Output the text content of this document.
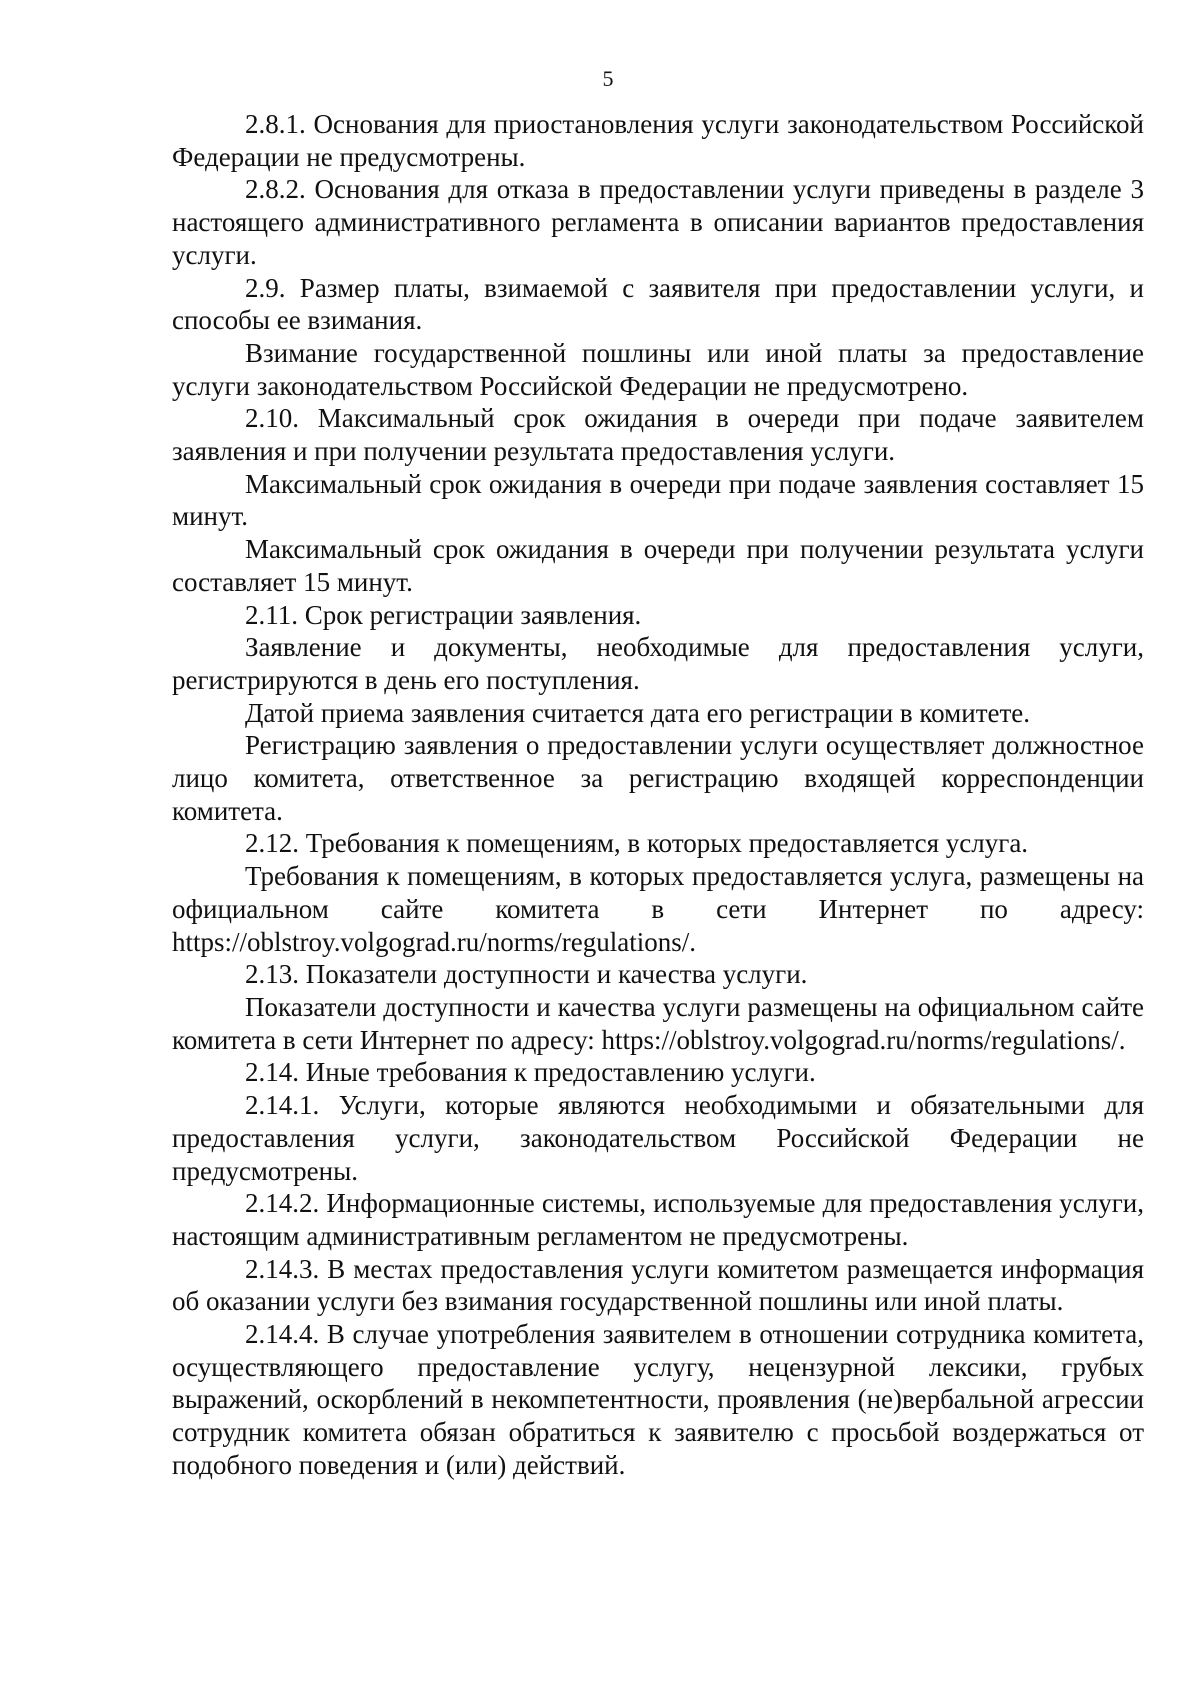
5

2.8.1. Основания для приостановления услуги законодательством Российской Федерации не предусмотрены.

2.8.2. Основания для отказа в предоставлении услуги приведены в разделе 3 настоящего административного регламента в описании вариантов предоставления услуги.

2.9. Размер платы, взимаемой с заявителя при предоставлении услуги, и способы ее взимания.

Взимание государственной пошлины или иной платы за предоставление услуги законодательством Российской Федерации не предусмотрено.

2.10. Максимальный срок ожидания в очереди при подаче заявителем заявления и при получении результата предоставления услуги.

Максимальный срок ожидания в очереди при подаче заявления составляет 15 минут.

Максимальный срок ожидания в очереди при получении результата услуги составляет 15 минут.

2.11. Срок регистрации заявления.

Заявление и документы, необходимые для предоставления услуги, регистрируются в день его поступления.

Датой приема заявления считается дата его регистрации в комитете.

Регистрацию заявления о предоставлении услуги осуществляет должностное лицо комитета, ответственное за регистрацию входящей корреспонденции комитета.

2.12. Требования к помещениям, в которых предоставляется услуга.

Требования к помещениям, в которых предоставляется услуга, размещены на официальном сайте комитета в сети Интернет по адресу: https://oblstroy.volgograd.ru/norms/regulations/.

2.13. Показатели доступности и качества услуги.

Показатели доступности и качества услуги размещены на официальном сайте комитета в сети Интернет по адресу: https://oblstroy.volgograd.ru/norms/regulations/.

2.14. Иные требования к предоставлению услуги.

2.14.1. Услуги, которые являются необходимыми и обязательными для предоставления услуги, законодательством Российской Федерации не предусмотрены.

2.14.2. Информационные системы, используемые для предоставления услуги, настоящим административным регламентом не предусмотрены.

2.14.3. В местах предоставления услуги комитетом размещается информация об оказании услуги без взимания государственной пошлины или иной платы.

2.14.4. В случае употребления заявителем в отношении сотрудника комитета, осуществляющего предоставление услугу, нецензурной лексики, грубых выражений, оскорблений в некомпетентности, проявления (не)вербальной агрессии сотрудник комитета обязан обратиться к заявителю с просьбой воздержаться от подобного поведения и (или) действий.
